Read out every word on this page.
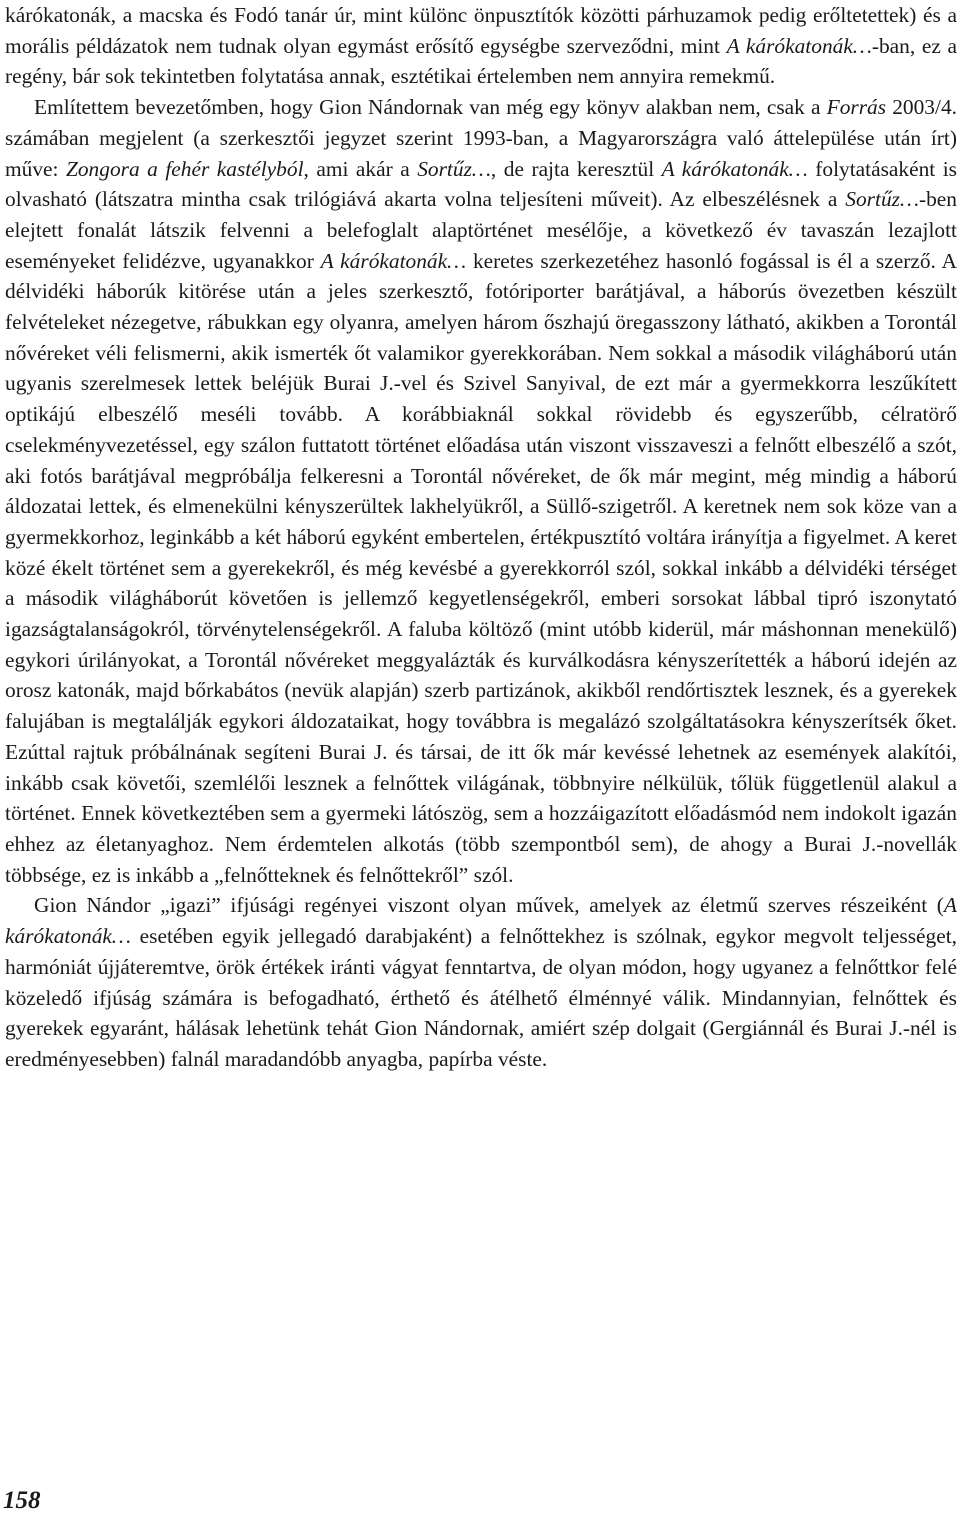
kárókatonák, a macskа és Fodó tanár úr, mint különc önpusztítók közötti párhuzamok pedig erőltetettek) és a morális példázatok nem tudnak olyan egymást erősítő egységbe szerveződni, mint A kárókatonák…-ban, ez a regény, bár sok tekintetben folytatása annak, esztétikai értelemben nem annyira remekmű.

Említettem bevezetőmben, hogy Gion Nándornak van még egy könyv alakban nem, csak a Forrás 2003/4. számában megjelent (a szerkesztői jegyzet szerint 1993-ban, a Magyarországra való áttelepülése után írt) műve: Zongora a fehér kastélyból, ami akár a Sortűz…, de rajta keresztül A kárókatonák… folytatásaként is olvasható (látszatra mintha csak trilógiává akarta volna teljesíteni műveit). Az elbeszélésnek a Sortűz…-ben elejtett fonalát látszik felvenni a belefoglalt alaptörténet mesélője, a következő év tavaszán lezajlott eseményeket felidézve, ugyanakkor A kárókatonák… keretes szerkezetéhez hasonló fogással is él a szerző. A délvidéki háborúk kitörése után a jeles szerkesztő, fotóriporter barátjával, a háborús övezetben készült felvételeket nézegetve, rábukkan egy olyanra, amelyen három őszhajú öregasszony látható, akikben a Torontál nővéreket véli felismerni, akik ismerték őt valamikor gyerekkorában. Nem sokkal a második világháború után ugyanis szerelmesek lettek beléjük Burai J.-vel és Szivel Sanyival, de ezt már a gyermekkorra leszűkített optikájú elbeszélő meséli tovább. A korábbiaknál sokkal rövidebb és egyszerűbb, célratörő cselekményvezetéssel, egy szálon futtatott történet előadása után viszont visszaveszi a felnőtt elbeszélő a szót, aki fotós barátjával megpróbálja felkeresni a Torontál nővéreket, de ők már megint, még mindig a háború áldozatai lettek, és elmenekülni kényszerültek lakhelyükről, a Süllő-szigetről. A keretnek nem sok köze van a gyermekkorhoz, leginkább a két háború egyként embertelen, értékpusztító voltára irányítja a figyelmet. A keret közé ékelt történet sem a gyerekekről, és még kevésbé a gyerekkorról szól, sokkal inkább a délvidéki térséget a második világháborút követően is jellemző kegyetlenségekről, emberi sorsokat lábbal tipró iszonytató igazságtalanságokról, törvénytelenségekről. A faluba költöző (mint utóbb kiderül, már máshonnan menekülő) egykori úrilányokat, a Torontál nővéreket meggyalázták és kurválkodásra kényszerítették a háború idején az orosz katonák, majd bőrkabátos (nevük alapján) szerb partizánok, akikből rendőrtisztek lesznek, és a gyerekek falujában is megtalálják egykori áldozataikat, hogy továbbra is megalázó szolgáltatásokra kényszerítsék őket. Ezúttal rajtuk próbálnának segíteni Burai J. és társai, de itt ők már kevéssé lehetnek az események alakítói, inkább csak követői, szemlélői lesznek a felnőttek világának, többnyire nélkülük, tőlük függetlenül alakul a történet. Ennek következtében sem a gyermeki látószög, sem a hozzáigazított előadásmód nem indokolt igazán ehhez az életanyaghoz. Nem érdemtelen alkotás (több szempontból sem), de ahogy a Burai J.-novellák többsége, ez is inkább a „felnőtteknek és felnőttekről” szól.

Gion Nándor „igazi” ifjúsági regényei viszont olyan művek, amelyek az életmű szerves részeiként (A kárókatonák… esetében egyik jellegadó darabjaként) a felnőttekhez is szólnak, egykor megvolt teljességet, harmóniát újjáteremtve, örök értékek iránti vágyat fenntartva, de olyan módon, hogy ugyanez a felnőttkor felé közeledő ifjúság számára is befogadható, érthető és átélhető élménnyé válik. Mindannyian, felnőttek és gyerekek egyaránt, hálásak lehetünk tehát Gion Nándornak, amiért szép dolgait (Gergiánnál és Burai J.-nél is eredményesebben) falnál maradandóbb anyagba, papírba véste.

158
